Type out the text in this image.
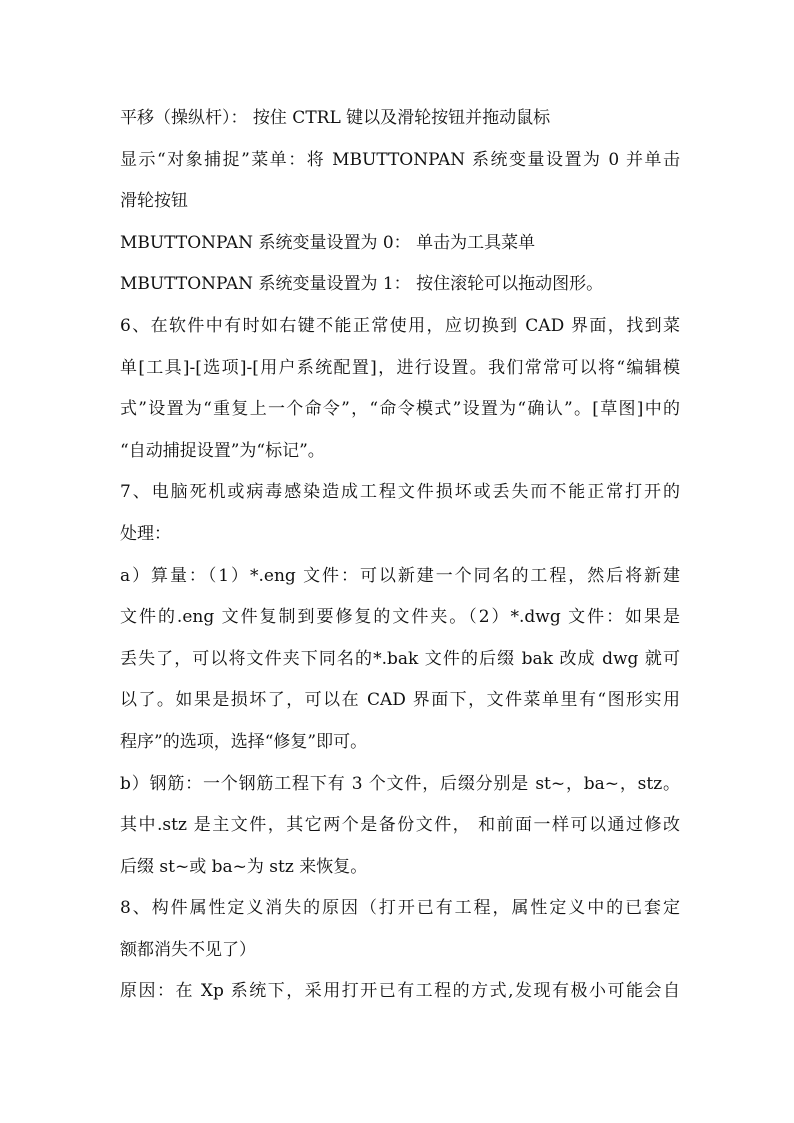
平移（操纵杆）： 按住 CTRL 键以及滑轮按钮并拖动鼠标
显示“对象捕捉”菜单：将 MBUTTONPAN 系统变量设置为 0 并单击
滑轮按钮
MBUTTONPAN 系统变量设置为 0： 单击为工具菜单
MBUTTONPAN 系统变量设置为 1： 按住滚轮可以拖动图形。
6、在软件中有时如右键不能正常使用，应切换到 CAD 界面，找到菜
单[工具]-[选项]-[用户系统配置]，进行设置。我们常常可以将“编辑模
式”设置为“重复上一个命令”，“命令模式”设置为“确认”。[草图]中的
“自动捕捉设置”为“标记”。
7、电脑死机或病毒感染造成工程文件损坏或丢失而不能正常打开的
处理：
a）算量：（1）*.eng 文件：可以新建一个同名的工程，然后将新建
文件的.eng 文件复制到要修复的文件夹。（2）*.dwg 文件：如果是
丢失了，可以将文件夹下同名的*.bak 文件的后缀 bak 改成 dwg 就可
以了。如果是损坏了，可以在 CAD 界面下，文件菜单里有“图形实用
程序”的选项，选择“修复”即可。
b）钢筋：一个钢筋工程下有 3 个文件，后缀分别是 st~，ba~，stz。
其中.stz 是主文件，其它两个是备份文件， 和前面一样可以通过修改
后缀 st~或 ba~为 stz 来恢复。
8、构件属性定义消失的原因（打开已有工程，属性定义中的已套定
额都消失不见了）
原因：在 Xp 系统下，采用打开已有工程的方式,发现有极小可能会自
